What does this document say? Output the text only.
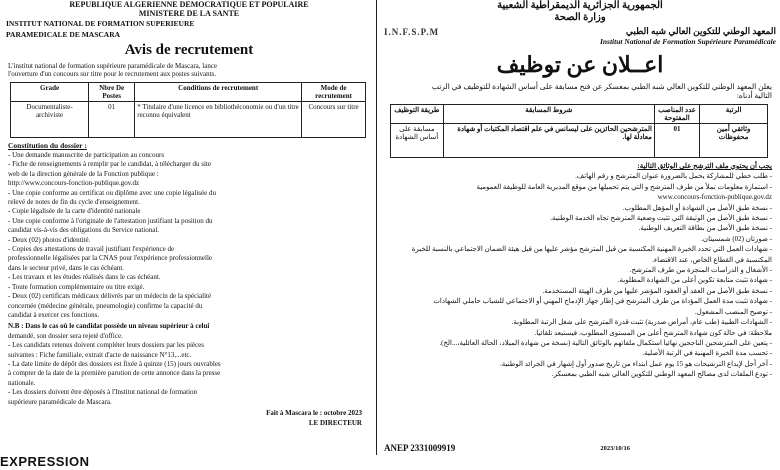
REPUBLIQUE ALGERIENNE DEMOCRATIQUE ET POPULAIRE
MINISTERE DE LA SANTE
INSTITUT NATIONAL DE FORMATION SUPERIEURE
PARAMEDICALE DE MASCARA
Avis de recrutement
L'institut national de formation supérieure paramédicale de Mascara, lance
l'ouverture d'un concours sur titre pour le recrutement aux postes suivants.
Grade	Nbre De Postes	Conditions de recrutement	Mode de recrutement
Documentaliste-archiviste	01	* Titulaire d'une licence en bibliothéconomie ou d'un titre reconnu équivalent	Concours sur titre
Constitution du dossier :
- Une demande manuscrite de participation au concours
- Fiche de renseignements à remplir par le candidat, à télécharger du site
web de la direction générale de la Fonction publique :
http://www.concours-fonction-publique.gov.dz
- Une copie conforme au certificat ou diplôme avec une copie légalisée du
relevé de notes de fin du cycle d'enseignement.
- Copie légalisée de la carte d'identité nationale
- Une copie conforme à l'originale de l'attestation justifiant la position du
candidat vis-à-vis des obligations du Service national.
- Deux (02) photos d'identité.
- Copies des attestations de travail justifiant l'expérience de
professionnelle légalisées par la CNAS pour l'expérience professionnelle
dans le secteur privé, dans le cas échéant.
- Les travaux et les études réalisés dans le cas échéant.
- Toute formation complémentaire ou titre exigé.
- Deux (02) certificats médicaux délivrés par un médecin de la spécialité
concernée (médecine générale, pneumologie) confirme la capacité du
candidat à exercer ces fonctions.
N.B : Dans le cas où le candidat possède un niveau supérieur à celui
demandé, son dossier sera rejeté d'office.
- Les candidats retenus doivent compléter leurs dossiers par les pièces
suivantes : Fiche familiale, extrait d'acte de naissance N°13,...etc.
- La date limite de dépôt des dossiers est fixée à quinze (15) jours ouvrables
à compter de la date de la première parution de cette annonce dans la presse
nationale.
- Les dossiers doivent être déposés à l'Institut national de formation
supérieure paramédicale de Mascara.
Fait à Mascara le : octobre 2023
LE DIRECTEUR
الجمهورية الجزائرية الديمقراطية الشعبية
وزارة الصحة
I.N.F.S.P.M	المعهد الوطني للتكوين العالي شبه الطبي
Institut National de Formation Supérieure Paramédicale
اعــلان عن توظيف
يعلن المعهد الوطني للتكوين العالي شبه الطبي بمعسكر عن فتح مسابقة على أساس الشهادة للتوظيف في الرتب
التالية أدناه:
الرتبة	عدد المناصب المفتوحة	شروط المسابقة	طريقة التوظيف
وثائقي أمين محفوظات	01	المترشحين الحائزين على ليسانس في علم اقتصاد المكتبات أو شهادة معادلة لها.	مسابقة على أساس الشهادة
يجب أن يحتوي ملف الترشح على الوثائق التالية:
- طلب خطي للمشاركة يحمل بالضرورة عنوان المترشح و رقم الهاتف.
- استمارة معلومات تملأ من طرف المترشح و التي يتم تحميلها من موقع المديرية العامة للوظيفة العمومية
www.concours-fonction-publique.gov.dz
- نسخة طبق الأصل من الشهادة أو المؤهل المطلوب.
- نسخة طبق الأصل من الوثيقة التي تثبت وضعية المترشح تجاه الخدمة الوطنية.
- نسخة طبق الأصل من بطاقة التعريف الوطنية.
- صورتان (02) شمسيتان.
- شهادات العمل التي تحدد الخبرة المهنية المكتسبة من قبل المترشح مؤشر عليها من قبل هيئة الضمان الاجتماعي بالنسبة للخبرة
المكتسبة في القطاع الخاص، عند الاقتضاء.
- الأشغال و الدراسات المنجزة من طرف المترشح.
- شهادة تثبت متابعة تكوين أعلى من الشهادة المطلوبة.
- نسخة طبق الأصل من العقد أو العقود المؤشر عليها من طرف الهيئة المستخدمة.
- شهادة تثبت مدة العمل المؤداة من طرف المترشح في إطار جهاز الإدماج المهني أو الاجتماعي للشباب حاملي الشهادات
- توضيح المنصب المشغول.
- الشهادات الطبية (طب عام، أمراض صدرية) تثبت قدرة المترشح على شغل الرتبة المطلوبة.
ملاحظة: في حالة كون شهادة المترشح أعلى من المستوى المطلوب، فيستبعد تلقائيا.
- يتعين على المترشحين الناجحين نهائيا استكمال ملفاتهم بالوثائق التالية (نسخة من شهادة الميلاد، الحالة العائلية،...الخ).
- تحسب مدة الخبرة المهنية في الرتبة الأصلية.
- آخر أجل لإيداع الترشيحات هو 15 يوم عمل ابتداء من تاريخ صدور أول إشهار في الجرائد الوطنية.
- تودع الملفات لدى مصالح المعهد الوطني للتكوين العالي شبه الطبي بمعسكر.
ANEP 2331009919	2023/10/16
EXPRESSION
